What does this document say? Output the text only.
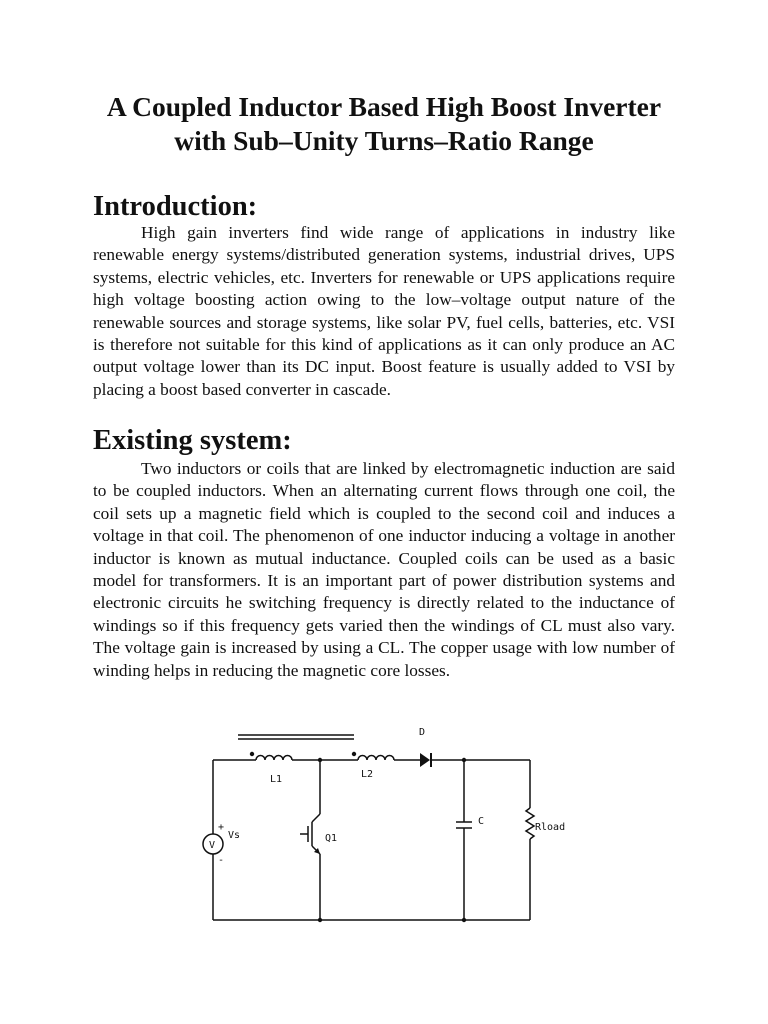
A Coupled Inductor Based High Boost Inverter with Sub–Unity Turns–Ratio Range
Introduction:

High gain inverters find wide range of applications in industry like renewable energy systems/distributed generation systems, industrial drives, UPS systems, electric vehicles, etc. Inverters for renewable or UPS applications require high voltage boosting action owing to the low–voltage output nature of the renewable sources and storage systems, like solar PV, fuel cells, batteries, etc. VSI is therefore not suitable for this kind of applications as it can only produce an AC output voltage lower than its DC input. Boost feature is usually added to VSI by placing a boost based converter in cascade.

Existing system:

Two inductors or coils that are linked by electromagnetic induction are said to be coupled inductors. When an alternating current flows through one coil, the coil sets up a magnetic field which is coupled to the second coil and induces a voltage in that coil. The phenomenon of one inductor inducing a voltage in another inductor is known as mutual inductance. Coupled coils can be used as a basic model for transformers. It is an important part of power distribution systems and electronic circuits he switching frequency is directly related to the inductance of windings so if this frequency gets varied then the windings of CL must also vary. The voltage gain is increased by using a CL. The copper usage with low number of winding helps in reducing the magnetic core losses.

D
L1	L2
C
Rload
Vs	Q1
V
+
-
